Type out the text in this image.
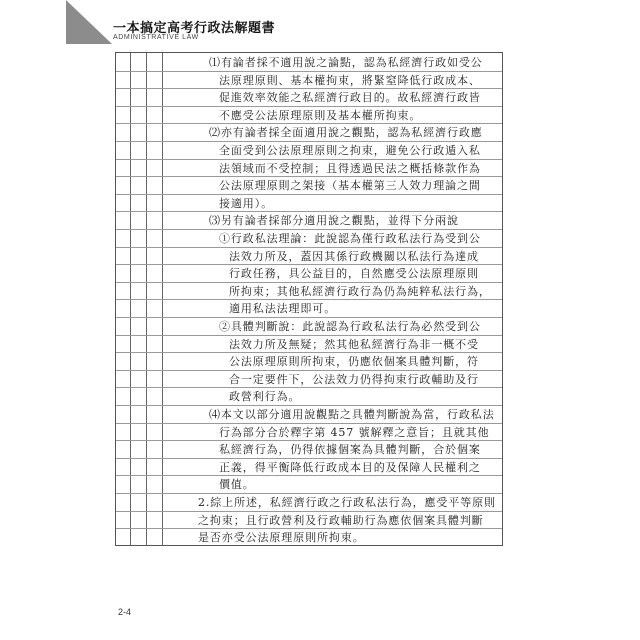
一本搞定高考行政法解題書
ADMINISTRATIVE LAW
⑴有論者採不適用說之論點，認為私經濟行政如受公
法原理原則、基本權拘束，將緊窒降低行政成本、
促進效率效能之私經濟行政目的。故私經濟行政皆
不應受公法原理原則及基本權所拘束。
⑵亦有論者採全面適用說之觀點，認為私經濟行政應
全面受到公法原理原則之拘束，避免公行政遁入私
法領域而不受控制；且得透過民法之概括條款作為
公法原理原則之架接（基本權第三人效力理論之間
接適用）。
⑶另有論者採部分適用說之觀點，並得下分兩說
①行政私法理論：此說認為僅行政私法行為受到公
法效力所及，蓋因其係行政機關以私法行為達成
行政任務，具公益目的，自然應受公法原理原則
所拘束；其他私經濟行政行為仍為純粹私法行為，
適用私法法理即可。
②具體判斷說：此說認為行政私法行為必然受到公
法效力所及無疑；然其他私經濟行為非一概不受
公法原理原則所拘束，仍應依個案具體判斷，符
合一定要件下，公法效力仍得拘束行政輔助及行
政營利行為。
⑷本文以部分適用說觀點之具體判斷說為當，行政私法
行為部分合於釋字第 457 號解釋之意旨；且就其他
私經濟行為，仍得依據個案為具體判斷，合於個案
正義，得平衡降低行政成本目的及保障人民權利之
價值。
2.綜上所述，私經濟行政之行政私法行為，應受平等原則
之拘束；且行政營利及行政輔助行為應依個案具體判斷
是否亦受公法原理原則所拘束。
2-4
